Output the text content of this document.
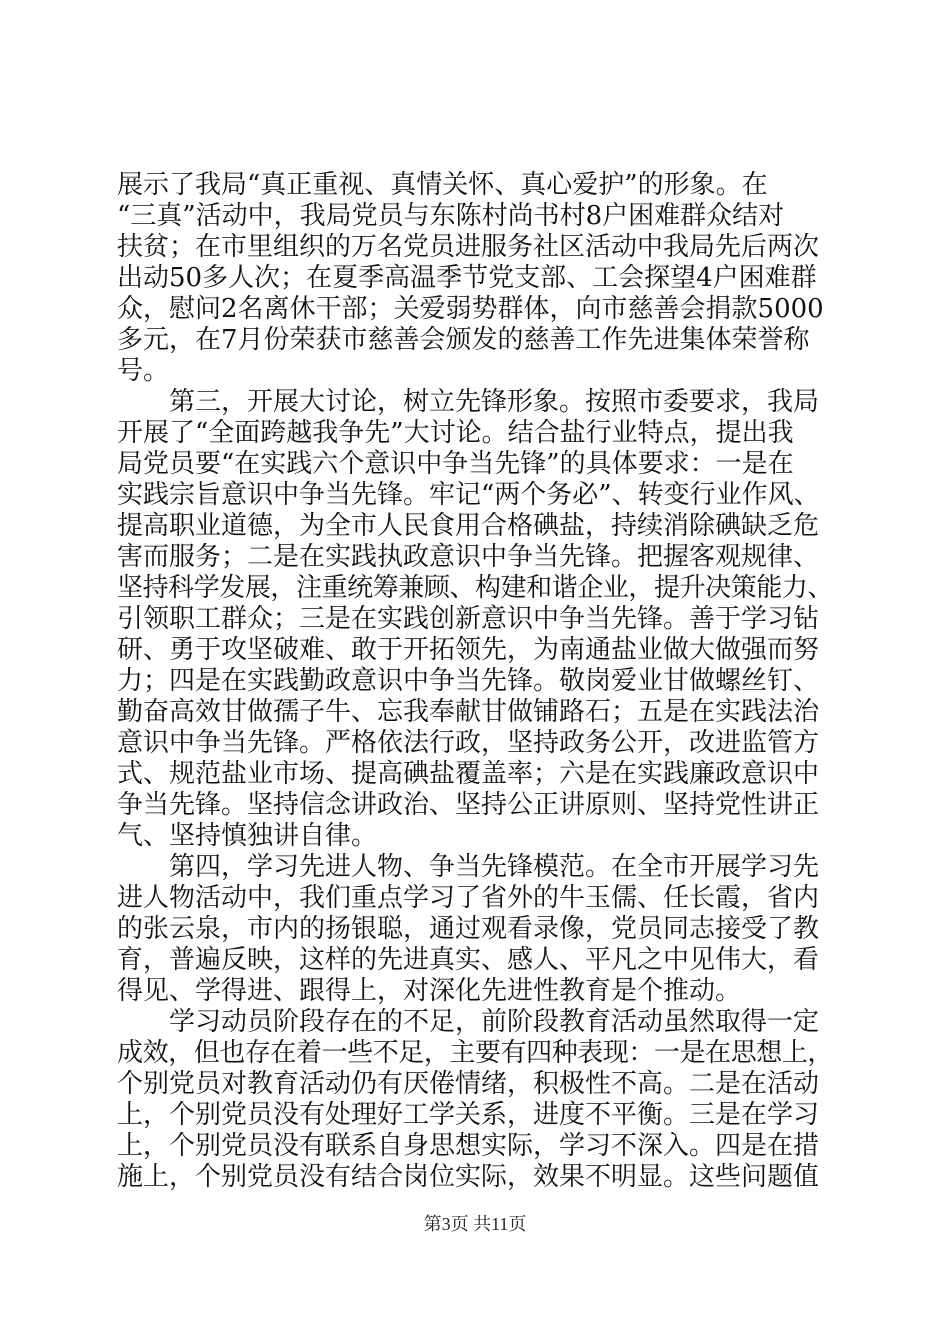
展示了我局“真正重视、真情关怀、真心爱护”的形象。在
“三真”活动中，我局党员与东陈村尚书村8户困难群众结对
扶贫；在市里组织的万名党员进服务社区活动中我局先后两次
出动50多人次；在夏季高温季节党支部、工会探望4户困难群
众，慰问2名离休干部；关爱弱势群体，向市慈善会捐款5000
多元，在7月份荣获市慈善会颁发的慈善工作先进集体荣誉称
号。
第三，开展大讨论，树立先锋形象。按照市委要求，我局
开展了“全面跨越我争先”大讨论。结合盐行业特点，提出我
局党员要“在实践六个意识中争当先锋”的具体要求：一是在
实践宗旨意识中争当先锋。牢记“两个务必”、转变行业作风、
提高职业道德，为全市人民食用合格碘盐，持续消除碘缺乏危
害而服务；二是在实践执政意识中争当先锋。把握客观规律、
坚持科学发展，注重统筹兼顾、构建和谐企业，提升决策能力、
引领职工群众；三是在实践创新意识中争当先锋。善于学习钻
研、勇于攻坚破难、敢于开拓领先，为南通盐业做大做强而努
力；四是在实践勤政意识中争当先锋。敬岗爱业甘做螺丝钉、
勤奋高效甘做孺子牛、忘我奉献甘做铺路石；五是在实践法治
意识中争当先锋。严格依法行政，坚持政务公开，改进监管方
式、规范盐业市场、提高碘盐覆盖率；六是在实践廉政意识中
争当先锋。坚持信念讲政治、坚持公正讲原则、坚持党性讲正
气、坚持慎独讲自律。
第四，学习先进人物、争当先锋模范。在全市开展学习先
进人物活动中，我们重点学习了省外的牛玉儒、任长霞，省内
的张云泉，市内的扬银聪，通过观看录像，党员同志接受了教
育，普遍反映，这样的先进真实、感人、平凡之中见伟大，看
得见、学得进、跟得上，对深化先进性教育是个推动。
学习动员阶段存在的不足，前阶段教育活动虽然取得一定
成效，但也存在着一些不足，主要有四种表现：一是在思想上，
个别党员对教育活动仍有厌倦情绪，积极性不高。二是在活动
上，个别党员没有处理好工学关系，进度不平衡。三是在学习
上，个别党员没有联系自身思想实际，学习不深入。四是在措
施上，个别党员没有结合岗位实际，效果不明显。这些问题值
第3页 共11页
